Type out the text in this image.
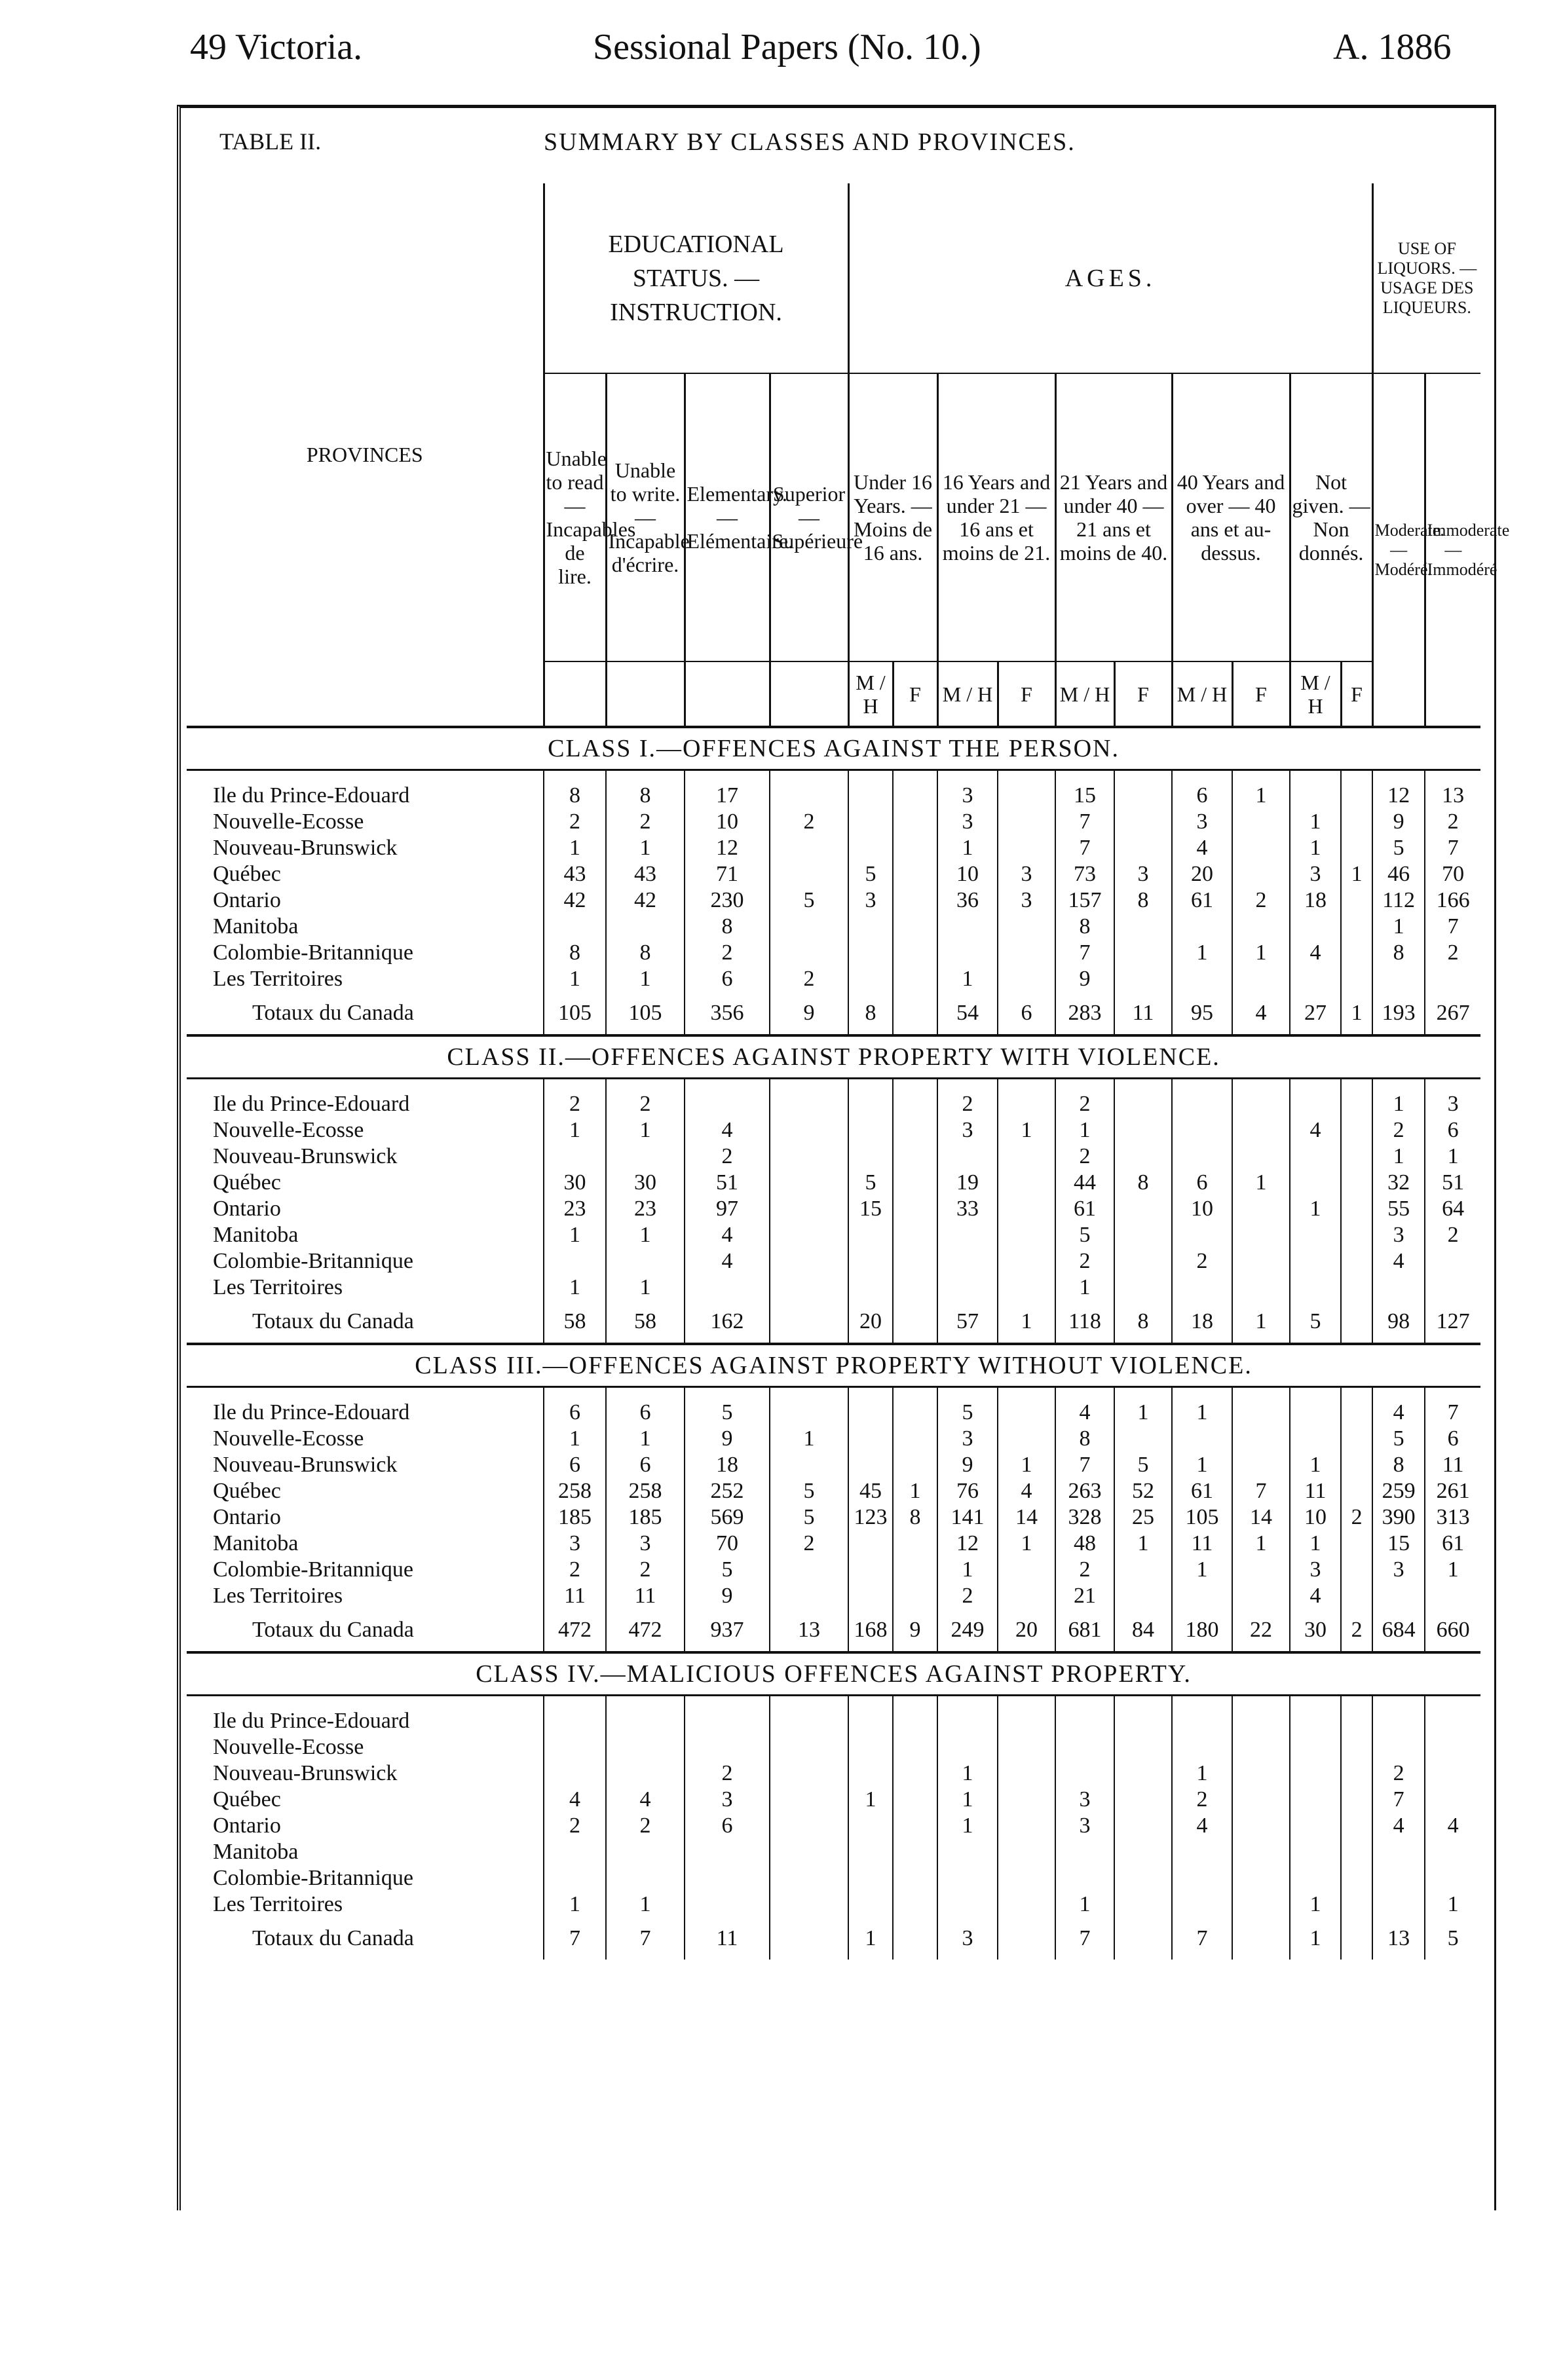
49 Victoria.	Sessional Papers (No. 10.)	A. 1886
TABLE II.	SUMMARY BY CLASSES AND PROVINCES.
PROVINCES	EDUCATIONAL STATUS. — INSTRUCTION.				AGES.										USE OF LIQUORS. — USAGE DES LIQUEURS.	
	Unable to read — Incapables de lire.	Unable to write. — Incapable d'écrire.	Elementary. — Elémentaire.	Superior — Supérieure	Under 16 Years. — Moins de 16 ans.		16 Years and under 21 — 16 ans et moins de 21.		21 Years and under 40 — 21 ans et moins de 40.		40 Years and over — 40 ans et au-dessus.		Not given. — Non donnés.		Moderate. — Modéré.	Immoderate — Immodéré
					M / H	F	M / H	F	M / H	F	M / H	F	M / H	F		
CLASS I.—OFFENCES AGAINST THE PERSON.																

Ile du Prince-Edouard	8	8	17				3		15		6	1			12	13
Nouvelle-Ecosse	2	2	10	2			3		7		3		1		9	2
Nouveau-Brunswick	1	1	12				1		7		4		1		5	7
Québec	43	43	71		5		10	3	73	3	20		3	1	46	70
Ontario	42	42	230	5	3		36	3	157	8	61	2	18		112	166
Manitoba			8						8						1	7
Colombie-Britannique	8	8	2						7		1	1	4		8	2
Les Territoires	1	1	6	2			1		9							
Totaux du Canada	105	105	356	9	8		54	6	283	11	95	4	27	1	193	267
CLASS II.—OFFENCES AGAINST PROPERTY WITH VIOLENCE.																

Ile du Prince-Edouard	2	2					2		2						1	3
Nouvelle-Ecosse	1	1	4				3	1	1				4		2	6
Nouveau-Brunswick			2						2						1	1
Québec	30	30	51		5		19		44	8	6	1			32	51
Ontario	23	23	97		15		33		61		10		1		55	64
Manitoba	1	1	4						5						3	2
Colombie-Britannique			4						2		2				4	
Les Territoires	1	1							1							
Totaux du Canada	58	58	162		20		57	1	118	8	18	1	5		98	127
CLASS III.—OFFENCES AGAINST PROPERTY WITHOUT VIOLENCE.																

Ile du Prince-Edouard	6	6	5				5		4	1	1				4	7
Nouvelle-Ecosse	1	1	9	1			3		8						5	6
Nouveau-Brunswick	6	6	18				9	1	7	5	1		1		8	11
Québec	258	258	252	5	45	1	76	4	263	52	61	7	11		259	261
Ontario	185	185	569	5	123	8	141	14	328	25	105	14	10	2	390	313
Manitoba	3	3	70	2			12	1	48	1	11	1	1		15	61
Colombie-Britannique	2	2	5				1		2		1		3		3	1
Les Territoires	11	11	9				2		21				4			
Totaux du Canada	472	472	937	13	168	9	249	20	681	84	180	22	30	2	684	660
CLASS IV.—MALICIOUS OFFENCES AGAINST PROPERTY.																

Ile du Prince-Edouard																
Nouvelle-Ecosse																
Nouveau-Brunswick			2				1				1				2	
Québec	4	4	3		1		1		3		2				7	
Ontario	2	2	6				1		3		4				4	4
Manitoba																
Colombie-Britannique																
Les Territoires	1	1							1				1			1
Totaux du Canada	7	7	11		1		3		7		7		1		13	5
